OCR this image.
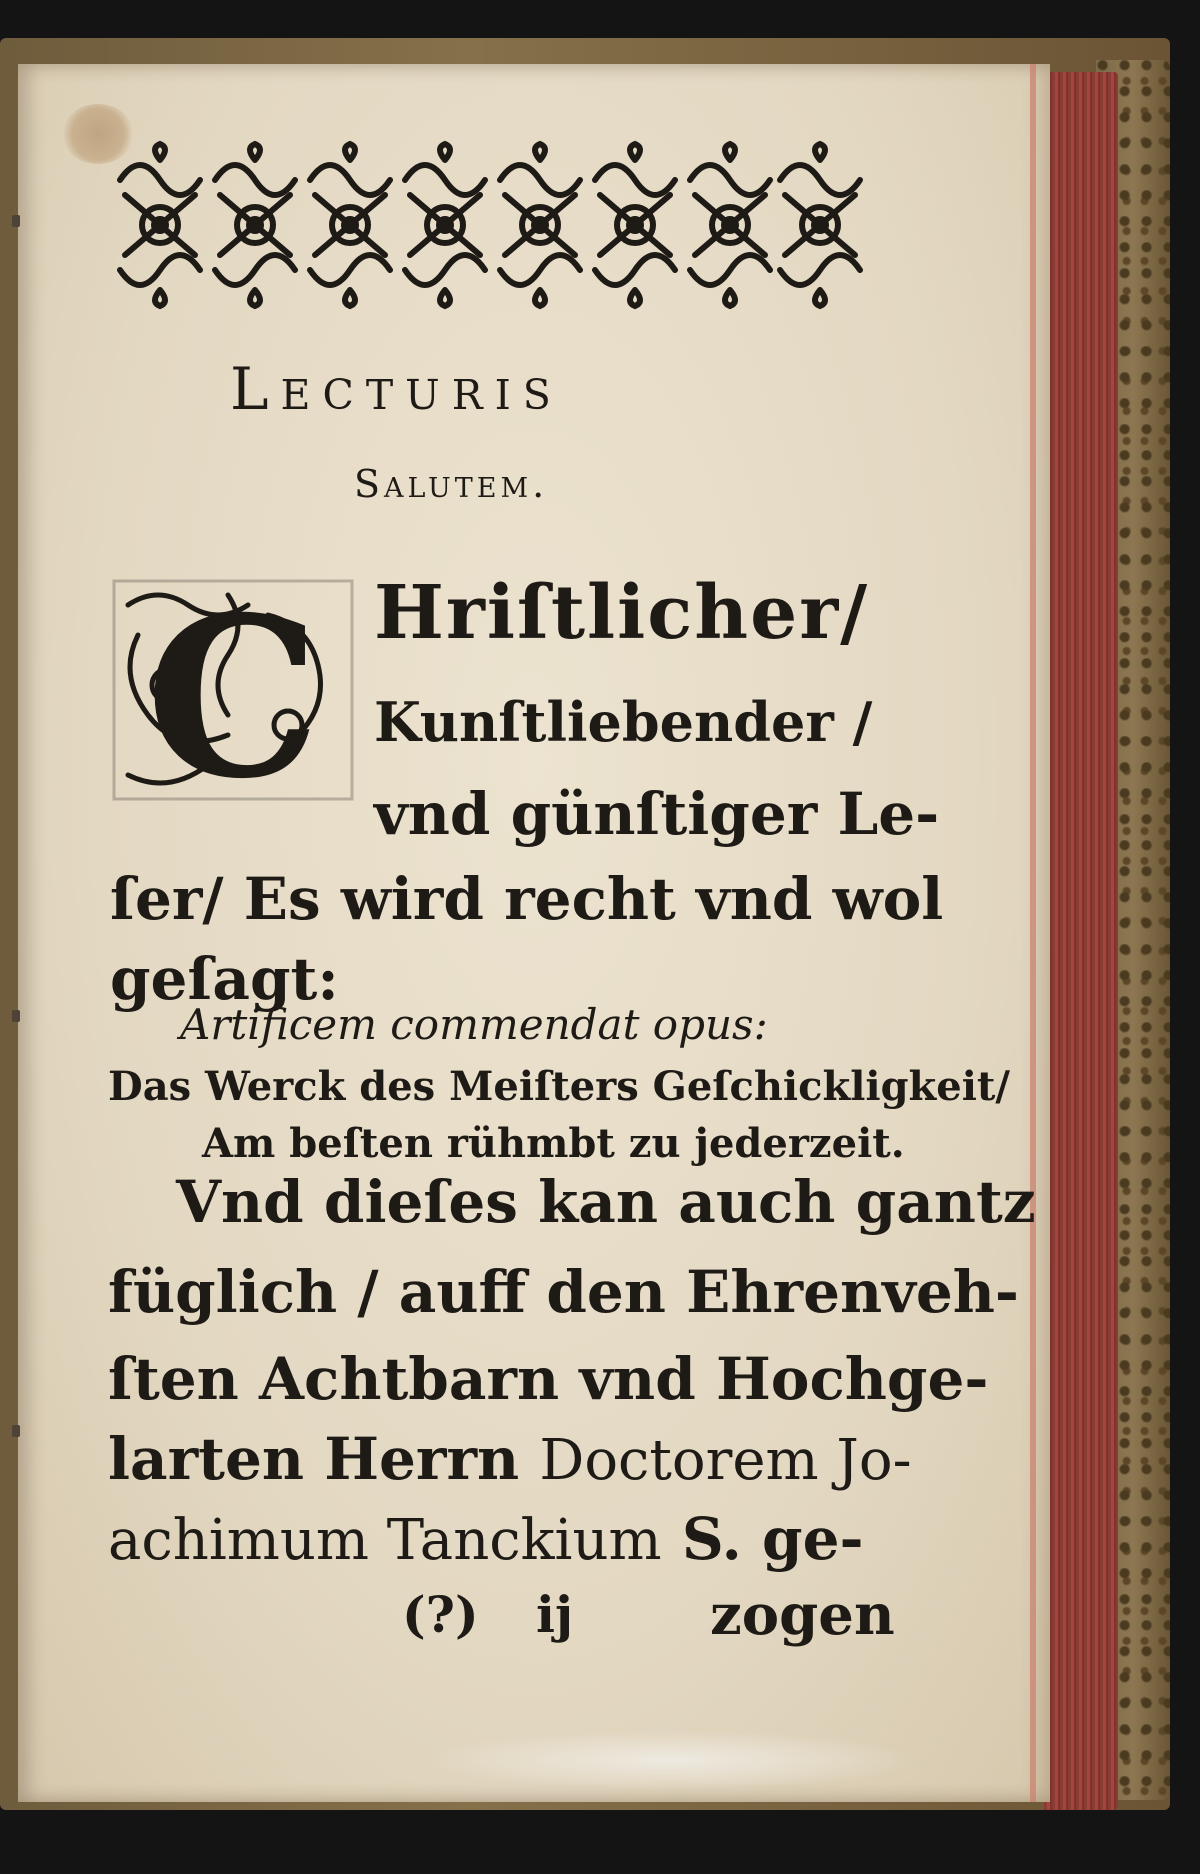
Lecturis
Salutem.
C Hriſtlicher/
Kunſtliebender /
vnd günſtiger Le-
ſer/ Es wird recht vnd wol
geſagt:
Artificem commendat opus:
Das Werck des Meiſters Geſchickligkeit/
Am beſten rühmbt zu jederzeit.
Vnd dieſes kan auch gantz
füglich / auff den Ehrenveh-
ſten Achtbarn vnd Hochge-
larten Herrn Doctorem Jo-
achimum Tanckium S. ge-
(?) ij zogen
